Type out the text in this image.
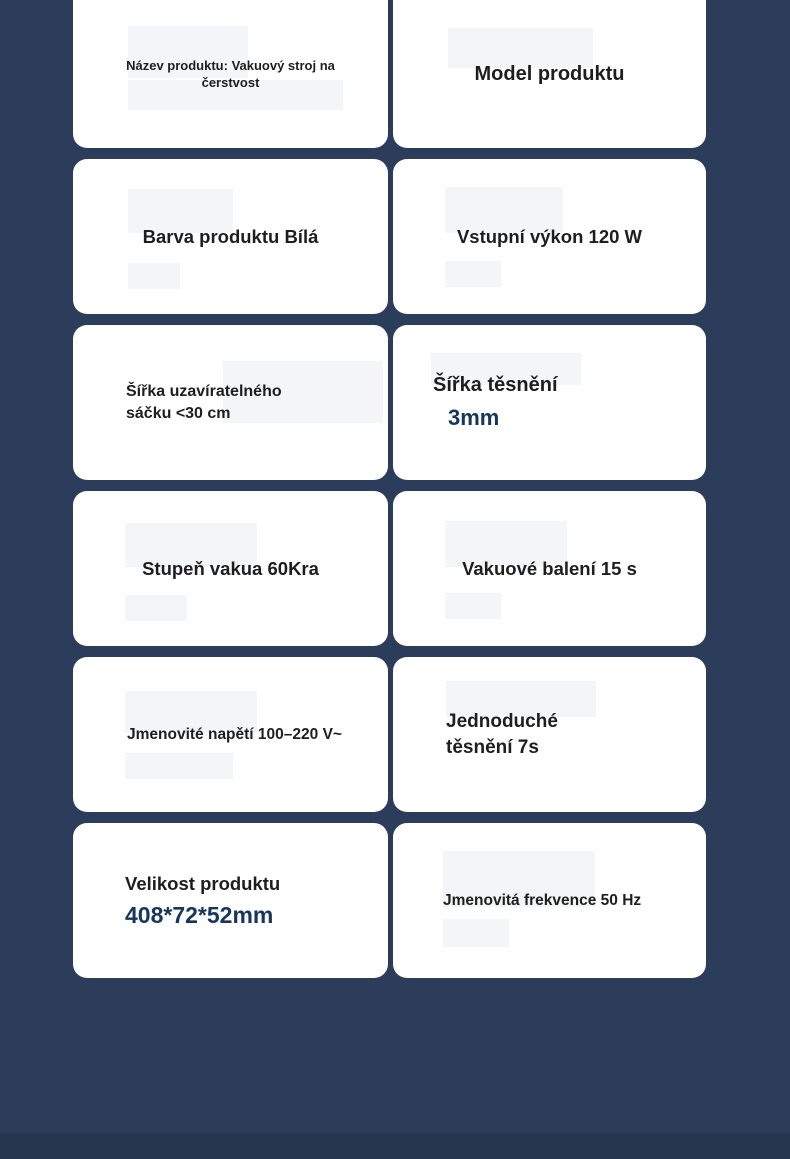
Název produktu: Vakuový stroj na čerstvost	Model produktu
Barva produktu Bílá	Vstupní výkon 120 W
Šířka uzavíratelného sáčku <30 cm
Šířka těsnění
3mm
Stupeň vakua 60Kra	Vakuové balení 15 s
Jmenovité napětí 100–220 V~
Jednoduché těsnění 7s
Velikost produktu
408*72*52mm
Jmenovitá frekvence 50 Hz
